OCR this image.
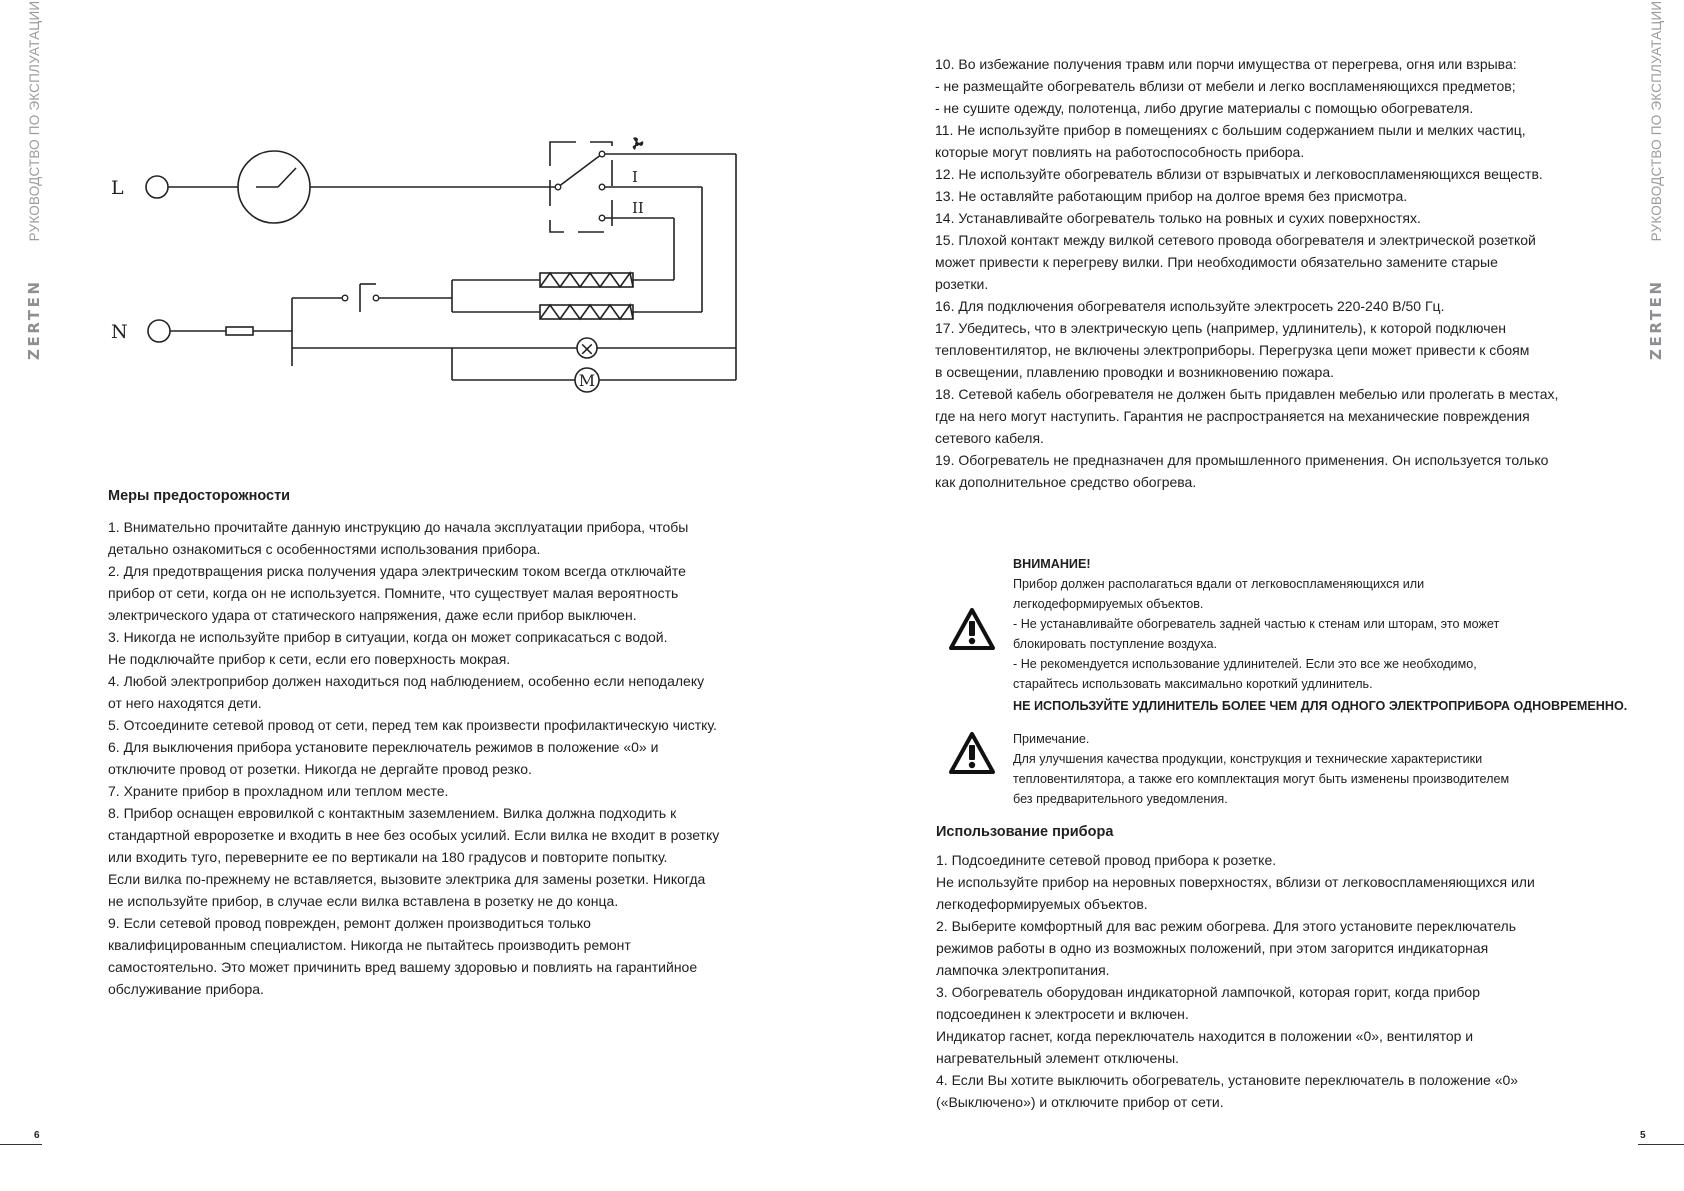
ZERTEN
РУКОВОДСТВО ПО ЭКСПЛУАТАЦИИ
ZERTEN
РУКОВОДСТВО ПО ЭКСПЛУАТАЦИИ
L
N
I
II
×
M
Меры предосторожности

1. Внимательно прочитайте данную инструкцию до начала эксплуатации прибора, чтобы

детально ознакомиться с особенностями использования прибора.

2. Для предотвращения риска получения удара электрическим током всегда отключайте

прибор от сети, когда он не используется. Помните, что существует малая вероятность

электрического удара от статического напряжения, даже если прибор выключен.

3. Никогда не используйте прибор в ситуации, когда он может соприкасаться с водой.

Не подключайте прибор к сети, если его поверхность мокрая.

4. Любой электроприбор должен находиться под наблюдением, особенно если неподалеку

от него находятся дети.

5. Отсоедините сетевой провод от сети, перед тем как произвести профилактическую чистку.

6. Для выключения прибора установите переключатель режимов в положение «0» и

отключите провод от розетки. Никогда не дергайте провод резко.

7. Храните прибор в прохладном или теплом месте.

8. Прибор оснащен евровилкой с контактным заземлением. Вилка должна подходить к

стандартной евророзетке и входить в нее без особых усилий. Если вилка не входит в розетку

или входить туго, переверните ее по вертикали на 180 градусов и повторите попытку.

Если вилка по-прежнему не вставляется, вызовите электрика для замены розетки. Никогда

не используйте прибор, в случае если вилка вставлена в розетку не до конца.

9. Если сетевой провод поврежден, ремонт должен производиться только

квалифицированным специалистом. Никогда не пытайтесь производить ремонт

самостоятельно. Это может причинить вред вашему здоровью и повлиять на гарантийное

обслуживание прибора.

10. Во избежание получения травм или порчи имущества от перегрева, огня или взрыва:

- не размещайте обогреватель вблизи от мебели и легко воспламеняющихся предметов;

- не сушите одежду, полотенца, либо другие материалы с помощью обогревателя.

11. Не используйте прибор в помещениях с большим содержанием пыли и мелких частиц,

которые могут повлиять на работоспособность прибора.

12. Не используйте обогреватель вблизи от взрывчатых и легковоспламеняющихся веществ.

13. Не оставляйте работающим прибор на долгое время без присмотра.

14. Устанавливайте обогреватель только на ровных и сухих поверхностях.

15. Плохой контакт между вилкой сетевого провода обогревателя и электрической розеткой

может привести к перегреву вилки. При необходимости обязательно замените старые

розетки.

16. Для подключения обогревателя используйте электросеть 220-240 В/50 Гц.

17. Убедитесь, что в электрическую цепь (например, удлинитель), к которой подключен

тепловентилятор, не включены электроприборы. Перегрузка цепи может привести к сбоям

в освещении, плавлению проводки и возникновению пожара.

18. Сетевой кабель обогревателя не должен быть придавлен мебелью или пролегать в местах,

где на него могут наступить. Гарантия не распространяется на механические повреждения

сетевого кабеля.

19. Обогреватель не предназначен для промышленного применения. Он используется только

как дополнительное средство обогрева.

ВНИМАНИЕ!

Прибор должен располагаться вдали от легковоспламеняющихся или

легкодеформируемых объектов.

- Не устанавливайте обогреватель задней частью к стенам или шторам, это может

блокировать поступление воздуха.

- Не рекомендуется использование удлинителей. Если это все же необходимо,

старайтесь использовать максимально короткий удлинитель.

НЕ ИСПОЛЬЗУЙТЕ УДЛИНИТЕЛЬ БОЛЕЕ ЧЕМ ДЛЯ ОДНОГО ЭЛЕКТРОПРИБОРА ОДНОВРЕМЕННО.

Примечание.

Для улучшения качества продукции, конструкция и технические характеристики

тепловентилятора, а также его комплектация могут быть изменены производителем

без предварительного уведомления.

Использование прибора

1. Подсоедините сетевой провод прибора к розетке.

Не используйте прибор на неровных поверхностях, вблизи от легковоспламеняющихся или

легкодеформируемых объектов.

2. Выберите комфортный для вас режим обогрева. Для этого установите переключатель

режимов работы в одно из возможных положений, при этом загорится индикаторная

лампочка электропитания.

3. Обогреватель оборудован индикаторной лампочкой, которая горит, когда прибор

подсоединен к электросети и включен.

Индикатор гаснет, когда переключатель находится в положении «0», вентилятор и

нагревательный элемент отключены.

4. Если Вы хотите выключить обогреватель, установите переключатель в положение «0»

(«Выключено») и отключите прибор от сети.

6	5
